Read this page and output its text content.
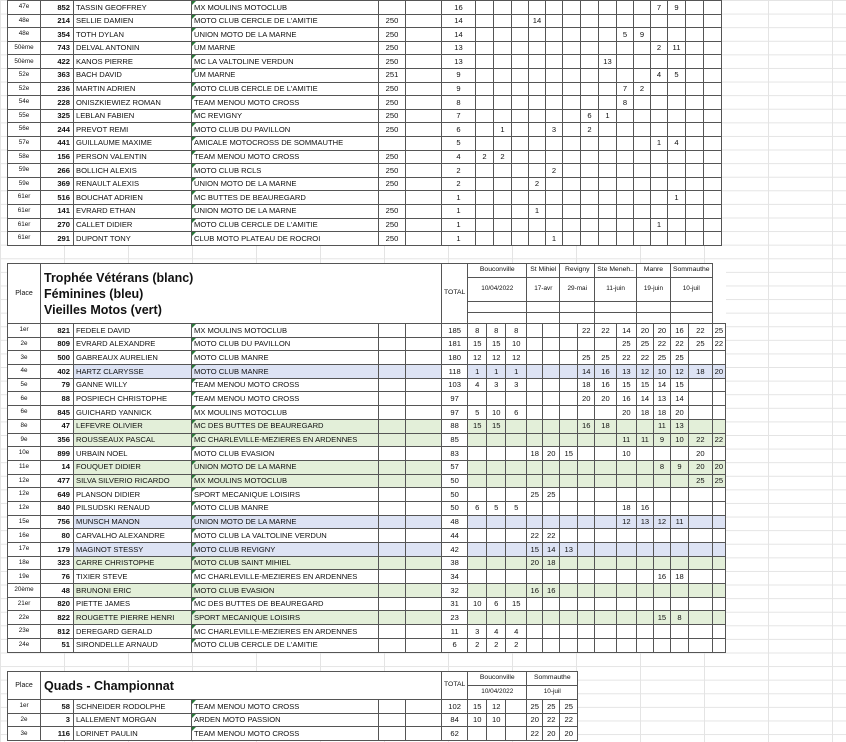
47e	852	TASSIN GEOFFREY	MX MOULINS MOTOCLUB			16											7	9		
48e	214	SELLIE DAMIEN	MOTO CLUB CERCLE DE L'AMITIE	250		14				14										
48e	354	TOTH DYLAN	UNION MOTO DE LA MARNE	250		14									5	9				
50ème	743	DELVAL ANTONIN	UM MARNE	250		13											2	11		
50ème	422	KANOS PIERRE	MC LA VALTOLINE VERDUN	250		13								13						
52e	363	BACH DAVID	UM MARNE	251		9											4	5		
52e	236	MARTIN ADRIEN	MOTO CLUB CERCLE DE L'AMITIE	250		9									7	2				
54e	228	ONISZKIEWIEZ ROMAN	TEAM MENOU MOTO CROSS	250		8									8					
55e	325	LEBLAN FABIEN	MC REVIGNY	250		7							6	1						
56e	244	PREVOT REMI	MOTO CLUB DU PAVILLON	250		6		1			3		2							
57e	441	GUILLAUME MAXIME	AMICALE MOTOCROSS DE SOMMAUTHE			5											1	4		
58e	156	PERSON VALENTIN	TEAM MENOU MOTO CROSS	250		4	2	2												
59e	266	BOLLICH ALEXIS	MOTO CLUB RCLS	250		2					2									
59e	369	RENAULT ALEXIS	UNION MOTO DE LA MARNE	250		2				2										
61er	516	BOUCHAT ADRIEN	MC BUTTES DE BEAUREGARD			1												1		
61er	141	EVRARD ETHAN	UNION MOTO DE LA MARNE	250		1				1										
61er	270	CALLET DIDIER	MOTO CLUB CERCLE DE L'AMITIE	250		1											1			
61er	291	DUPONT TONY	CLUB MOTO PLATEAU DE ROCROI	250		1					1									
Place	Trophée Vétérans (blanc)
Féminines (bleu)
Vieilles Motos (vert)					TOTAL	Bouconville			St Mihiel		Revigny		Ste Meneh..		Manre		Sommauthe		
							10/04/2022			17-avr		29-mai		11-juin		19-juin		10-juil		

1er	821	FEDELE DAVID	MX MOULINS MOTOCLUB			185	8	8	8				22	22	14	20	20	16	22	25
2e	809	EVRARD ALEXANDRE	MOTO CLUB DU PAVILLON			181	15	15	10						25	25	22	22	25	22
3e	500	GABREAUX AURELIEN	MOTO CLUB MANRE			180	12	12	12				25	25	22	22	25	25		
4e	402	HARTZ CLARYSSE	MOTO CLUB MANRE			118	1	1	1				14	16	13	12	10	12	18	20
5e	79	GANNE WILLY	TEAM MENOU MOTO CROSS			103	4	3	3				18	16	15	15	14	15		
6e	88	POSPIECH CHRISTOPHE	TEAM MENOU MOTO CROSS			97							20	20	16	14	13	14		
6e	845	GUICHARD YANNICK	MX MOULINS MOTOCLUB			97	5	10	6						20	18	18	20		
8e	47	LEFEVRE OLIVIER	MC DES BUTTES DE BEAUREGARD			88	15	15					16	18			11	13		
9e	356	ROUSSEAUX PASCAL	MC CHARLEVILLE-MEZIERES EN ARDENNES			85									11	11	9	10	22	22
10e	899	URBAIN NOEL	MOTO CLUB EVASION			83				18	20	15			10				20	
11e	14	FOUQUET DIDIER	UNION MOTO DE LA MARNE			57											8	9	20	20
12e	477	SILVA SILVERIO RICARDO	MX MOULINS MOTOCLUB			50													25	25
12e	649	PLANSON DIDIER	SPORT MECANIQUE LOISIRS			50				25	25									
12e	840	PILSUDSKI RENAUD	MOTO CLUB MANRE			50	6	5	5						18	16				
15e	756	MUNSCH MANON	UNION MOTO DE LA MARNE			48									12	13	12	11		
16e	80	CARVALHO ALEXANDRE	MOTO CLUB LA VALTOLINE VERDUN			44				22	22									
17e	179	MAGINOT STESSY	MOTO CLUB REVIGNY			42				15	14	13								
18e	323	CARRE CHRISTOPHE	MOTO CLUB SAINT MIHIEL			38				20	18									
19e	76	TIXIER STEVE	MC CHARLEVILLE-MEZIERES EN ARDENNES			34											16	18		
20ème	48	BRUNONI ERIC	MOTO CLUB EVASION			32				16	16									
21er	820	PIETTE JAMES	MC DES BUTTES DE BEAUREGARD			31	10	6	15											
22e	822	ROUGETTE PIERRE HENRI	SPORT MECANIQUE LOISIRS			23											15	8		
23e	812	DEREGARD GERALD	MC CHARLEVILLE-MEZIERES EN ARDENNES			11	3	4	4											
24e	51	SIRONDELLE ARNAUD	MOTO CLUB CERCLE DE L'AMITIE			6	2	2	2											
Place	Quads - Championnat					TOTAL	Bouconville			Sommauthe		
							10/04/2022			10-juil		
1er	58	SCHNEIDER RODOLPHE	TEAM MENOU MOTO CROSS			102	15	12		25	25	25
2e	3	LALLEMENT MORGAN	ARDEN MOTO PASSION			84	10	10		20	22	22
3e	116	LORINET PAULIN	TEAM MENOU MOTO CROSS			62				22	20	20
